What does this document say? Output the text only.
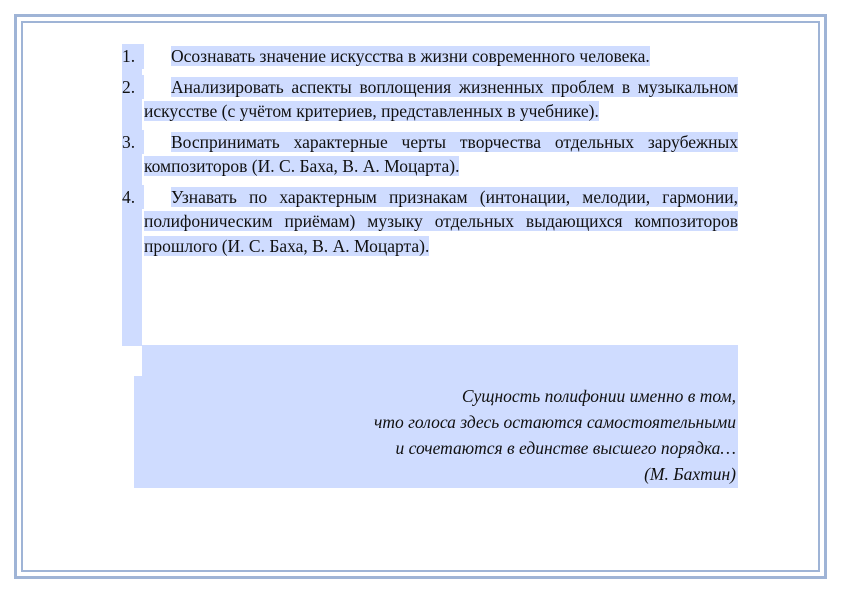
1.	Осознавать значение искусства в жизни современного человека.
2.	Анализировать аспекты воплощения жизненных проблем в музыкальном искусстве (с учётом критериев, представленных в учебнике).
3.	Воспринимать характерные черты творчества отдельных зарубежных композиторов (И. С. Баха, В. А. Моцарта).
4.	Узнавать по характерным признакам (интонации, мелодии, гармонии, полифоническим приёмам) музыку отдельных выдающихся композиторов прошлого (И. С. Баха, В. А. Моцарта).
Сущность полифонии именно в том,
что голоса здесь остаются самостоятельными
и сочетаются в единстве высшего порядка…
(М. Бахтин)
